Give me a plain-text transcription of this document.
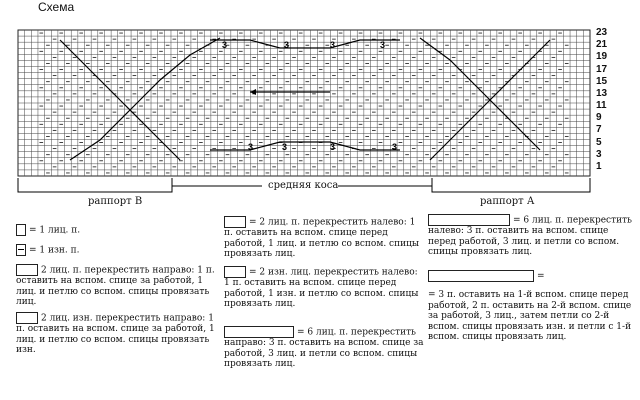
3	3	3	3
3	3	3	3
Схема
23
21
19
17
15
13
11
9
7
5
3
1
раппорт B
средняя коса
раппорт А
= 1 лиц. п.
= 1 изн. п.
2 лиц. п. перекрестить направо: 1 п. оставить на вспом. спице за работой, 1 лиц. и петлю со вспом. спицы провязать лиц.
2 лиц. изн. перекрестить направо: 1 п. оставить на вспом. спице за работой, 1 лиц. и петлю со вспом. спицы провязать изн.
= 2 лиц. п. перекрестить налево: 1 п. оставить на вспом. спице перед работой, 1 лиц. и петлю со вспом. спицы провязать лиц.
= 2 изн. лиц. перекрестить налево: 1 п. оставить на вспом. спице перед работой, 1 изн. и петлю со вспом. спицы провязать лиц.
= 6 лиц. п. перекрестить направо: 3 п. оставить на вспом. спице за работой, 3 лиц. и петли со вспом. спицы провязать лиц.
= 6 лиц. п. перекрестить налево: 3 п. оставить на вспом. спице перед работой, 3 лиц. и петли со вспом. спицы провязать лиц.
=
= 3 п. оставить на 1-й вспом. спице перед работой, 2 п. оставить на 2-й вспом. спице за работой, 3 лиц., затем петли со 2-й вспом. спицы провязать изн. и петли с 1-й вспом. спицы провязать лиц.
